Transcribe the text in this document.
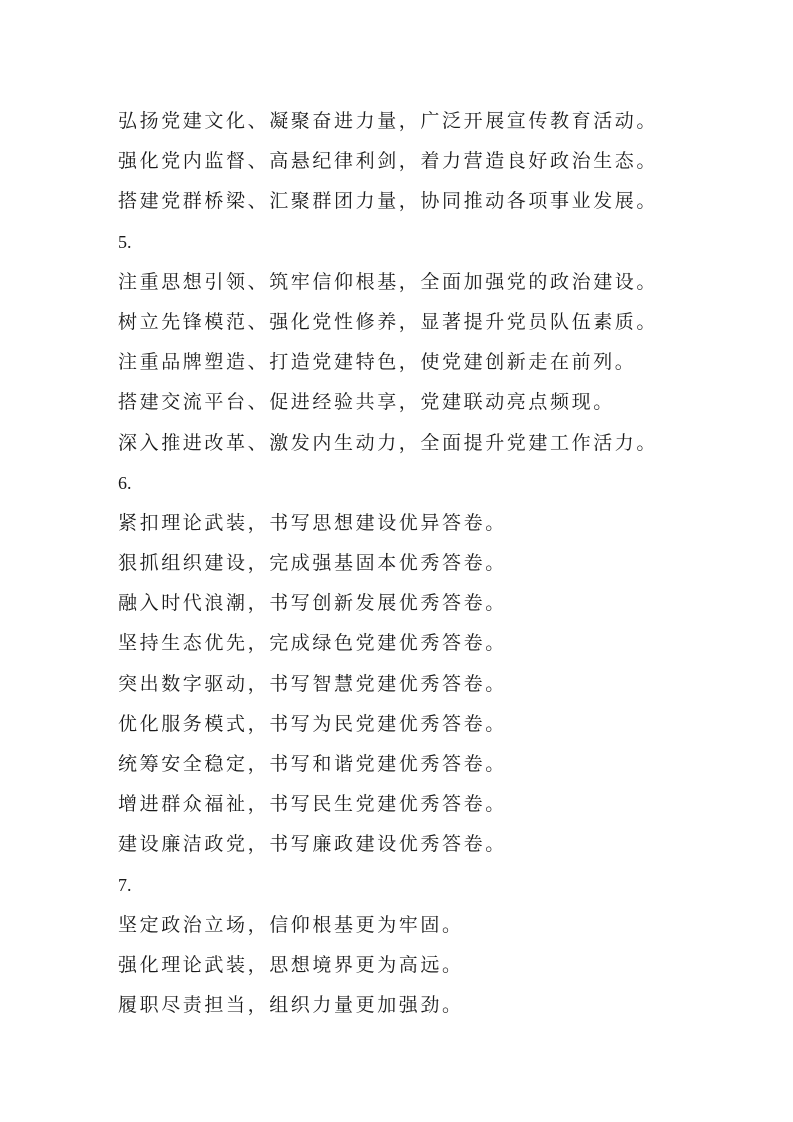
弘扬党建文化、凝聚奋进力量，广泛开展宣传教育活动。
强化党内监督、高悬纪律利剑，着力营造良好政治生态。
搭建党群桥梁、汇聚群团力量，协同推动各项事业发展。
5.
注重思想引领、筑牢信仰根基，全面加强党的政治建设。
树立先锋模范、强化党性修养，显著提升党员队伍素质。
注重品牌塑造、打造党建特色，使党建创新走在前列。
搭建交流平台、促进经验共享，党建联动亮点频现。
深入推进改革、激发内生动力，全面提升党建工作活力。
6.
紧扣理论武装，书写思想建设优异答卷。
狠抓组织建设，完成强基固本优秀答卷。
融入时代浪潮，书写创新发展优秀答卷。
坚持生态优先，完成绿色党建优秀答卷。
突出数字驱动，书写智慧党建优秀答卷。
优化服务模式，书写为民党建优秀答卷。
统筹安全稳定，书写和谐党建优秀答卷。
增进群众福祉，书写民生党建优秀答卷。
建设廉洁政党，书写廉政建设优秀答卷。
7.
坚定政治立场，信仰根基更为牢固。
强化理论武装，思想境界更为高远。
履职尽责担当，组织力量更加强劲。
